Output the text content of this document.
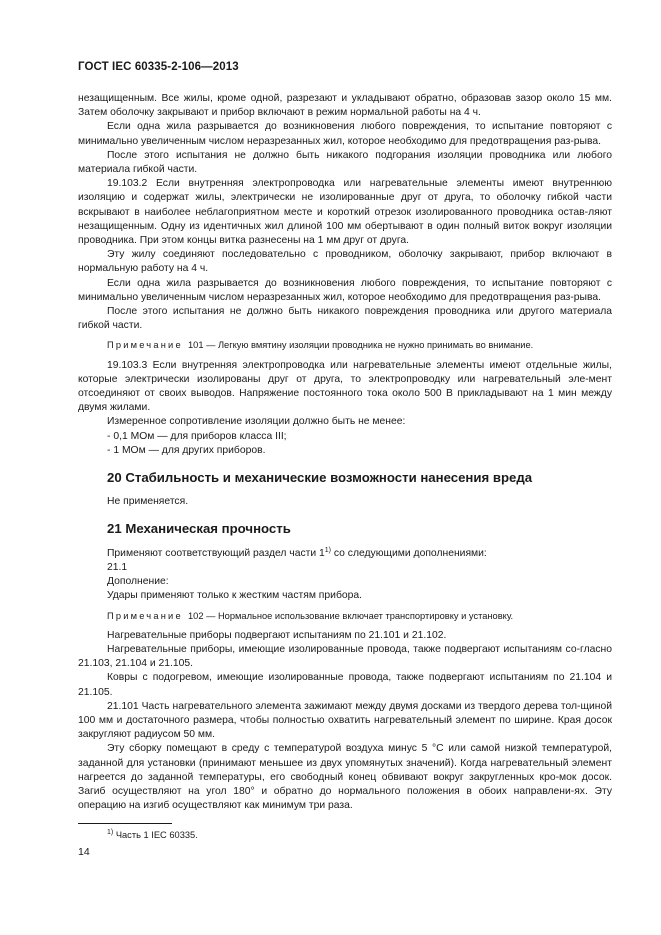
ГОСТ IEC 60335-2-106—2013

незащищенным. Все жилы, кроме одной, разрезают и укладывают обратно, образовав зазор около 15 мм. Затем оболочку закрывают и прибор включают в режим нормальной работы на 4 ч.

Если одна жила разрывается до возникновения любого повреждения, то испытание повторяют с минимально увеличенным числом неразрезанных жил, которое необходимо для предотвращения раз-рыва.

После этого испытания не должно быть никакого подгорания изоляции проводника или любого материала гибкой части.

19.103.2 Если внутренняя электропроводка или нагревательные элементы имеют внутреннюю изоляцию и содержат жилы, электрически не изолированные друг от друга, то оболочку гибкой части вскрывают в наиболее неблагоприятном месте и короткий отрезок изолированного проводника остав-ляют незащищенным. Одну из идентичных жил длиной 100 мм обертывают в один полный виток вокруг изоляции проводника. При этом концы витка разнесены на 1 мм друг от друга.

Эту жилу соединяют последовательно с проводником, оболочку закрывают, прибор включают в нормальную работу на 4 ч.

Если одна жила разрывается до возникновения любого повреждения, то испытание повторяют с минимально увеличенным числом неразрезанных жил, которое необходимо для предотвращения раз-рыва.

После этого испытания не должно быть никакого повреждения проводника или другого материала гибкой части.

Примечание 101 — Легкую вмятину изоляции проводника не нужно принимать во внимание.

19.103.3 Если внутренняя электропроводка или нагревательные элементы имеют отдельные жилы, которые электрически изолированы друг от друга, то электропроводку или нагревательный эле-мент отсоединяют от своих выводов. Напряжение постоянного тока около 500 В прикладывают на 1 мин между двумя жилами.

Измеренное сопротивление изоляции должно быть не менее:

- 0,1 МОм — для приборов класса III;

- 1 МОм — для других приборов.

20 Стабильность и механические возможности нанесения вреда

Не применяется.

21 Механическая прочность

Применяют соответствующий раздел части 1$^{1)}$ со следующими дополнениями:

21.1

Дополнение:

Удары применяют только к жестким частям прибора.

Примечание 102 — Нормальное использование включает транспортировку и установку.

Нагревательные приборы подвергают испытаниям по 21.101 и 21.102.

Нагревательные приборы, имеющие изолированные провода, также подвергают испытаниям со-гласно 21.103, 21.104 и 21.105.

Ковры с подогревом, имеющие изолированные провода, также подвергают испытаниям по 21.104 и 21.105.

21.101 Часть нагревательного элемента зажимают между двумя досками из твердого дерева тол-щиной 100 мм и достаточного размера, чтобы полностью охватить нагревательный элемент по ширине. Края досок закругляют радиусом 50 мм.

Эту сборку помещают в среду с температурой воздуха минус 5 °С или самой низкой температурой, заданной для установки (принимают меньшее из двух упомянутых значений). Когда нагревательный элемент нагреется до заданной температуры, его свободный конец обвивают вокруг закругленных кро-мок досок. Загиб осуществляют на угол 180° и обратно до нормального положения в обоих направлени-ях. Эту операцию на изгиб осуществляют как минимум три раза.

$^{1)}$ Часть 1 IEC 60335.
14
